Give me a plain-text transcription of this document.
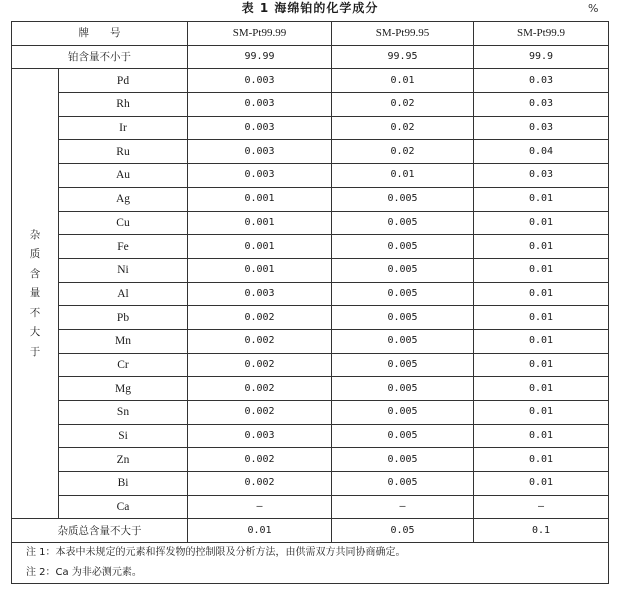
表 1 海绵铂的化学成分	%
牌　　号		SM-Pt99.99	SM-Pt99.95	SM-Pt99.9
铂含量不小于		99.99	99.95	99.9

杂质含量不大于	Pd	0.003	0.01	0.03
	Rh	0.003	0.02	0.03
	Ir	0.003	0.02	0.03
	Ru	0.003	0.02	0.04
	Au	0.003	0.01	0.03
	Ag	0.001	0.005	0.01
	Cu	0.001	0.005	0.01
	Fe	0.001	0.005	0.01
	Ni	0.001	0.005	0.01
	Al	0.003	0.005	0.01
	Pb	0.002	0.005	0.01
	Mn	0.002	0.005	0.01
	Cr	0.002	0.005	0.01
	Mg	0.002	0.005	0.01
	Sn	0.002	0.005	0.01
	Si	0.003	0.005	0.01
	Zn	0.002	0.005	0.01
	Bi	0.002	0.005	0.01
	Ca	—	—	—
杂质总含量不大于		0.01	0.05	0.1
注 1：本表中未规定的元素和挥发物的控制限及分析方法，由供需双方共同协商确定。				
注 2：Ca 为非必测元素。				
